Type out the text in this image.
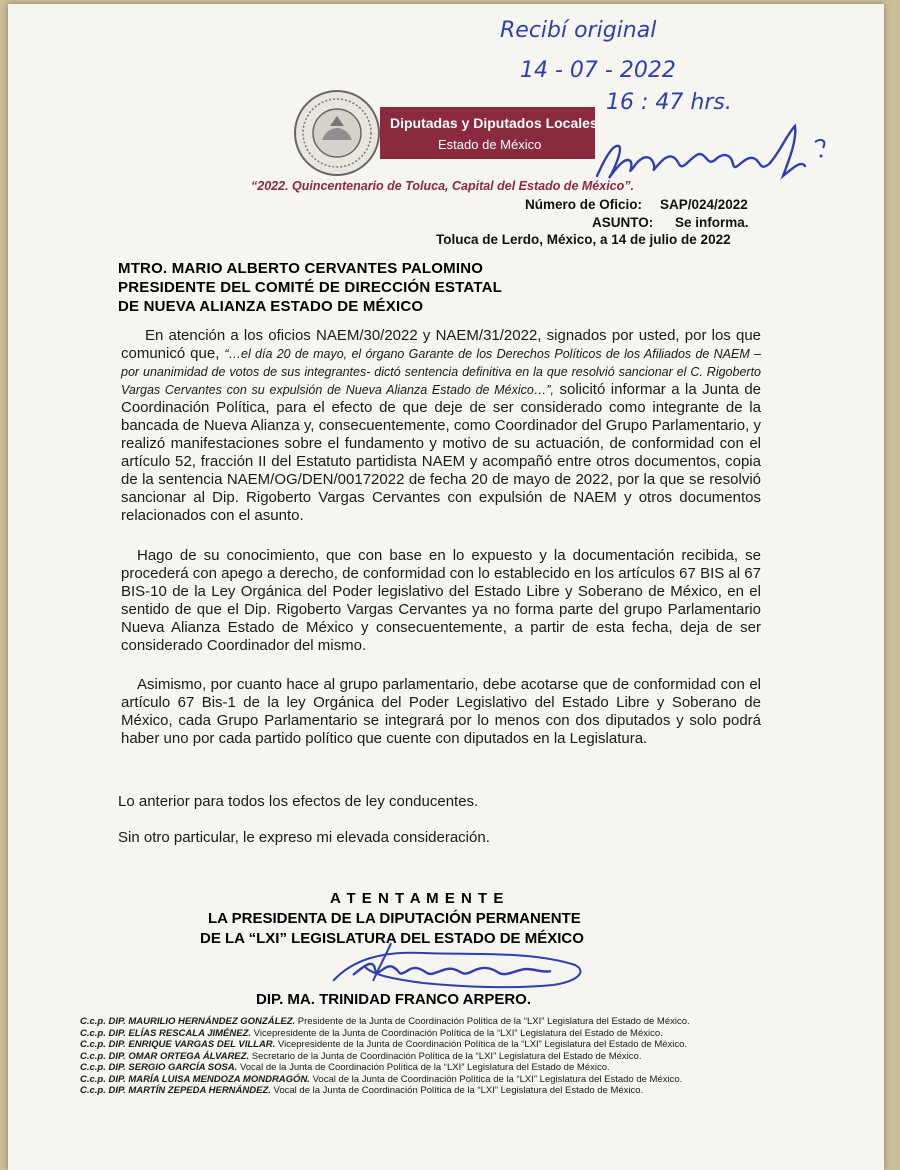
Recibí original
14 - 07 - 2022
16 : 47 hrs.
Diputadas y Diputados Locales
Estado de México
“2022. Quincentenario de Toluca, Capital del Estado de México”.
Número de Oficio: SAP/024/2022
ASUNTO: Se informa.
Toluca de Lerdo, México, a 14 de julio de 2022
MTRO. MARIO ALBERTO CERVANTES PALOMINO
PRESIDENTE DEL COMITÉ DE DIRECCIÓN ESTATAL
DE NUEVA ALIANZA ESTADO DE MÉXICO
En atención a los oficios NAEM/30/2022 y NAEM/31/2022, signados por usted, por los que comunicó que, “…el día 20 de mayo, el órgano Garante de los Derechos Políticos de los Afiliados de NAEM –por unanimidad de votos de sus integrantes- dictó sentencia definitiva en la que resolvió sancionar el C. Rigoberto Vargas Cervantes con su expulsión de Nueva Alianza Estado de México…”, solicitó informar a la Junta de Coordinación Política, para el efecto de que deje de ser considerado como integrante de la bancada de Nueva Alianza y, consecuentemente, como Coordinador del Grupo Parlamentario, y realizó manifestaciones sobre el fundamento y motivo de su actuación, de conformidad con el artículo 52, fracción II del Estatuto partidista NAEM y acompañó entre otros documentos, copia de la sentencia NAEM/OG/DEN/00172022 de fecha 20 de mayo de 2022, por la que se resolvió sancionar al Dip. Rigoberto Vargas Cervantes con expulsión de NAEM y otros documentos relacionados con el asunto.
Hago de su conocimiento, que con base en lo expuesto y la documentación recibida, se procederá con apego a derecho, de conformidad con lo establecido en los artículos 67 BIS al 67 BIS-10 de la Ley Orgánica del Poder legislativo del Estado Libre y Soberano de México, en el sentido de que el Dip. Rigoberto Vargas Cervantes ya no forma parte del grupo Parlamentario Nueva Alianza Estado de México y consecuentemente, a partir de esta fecha, deja de ser considerado Coordinador del mismo.
Asimismo, por cuanto hace al grupo parlamentario, debe acotarse que de conformidad con el artículo 67 Bis-1 de la ley Orgánica del Poder Legislativo del Estado Libre y Soberano de México, cada Grupo Parlamentario se integrará por lo menos con dos diputados y solo podrá haber uno por cada partido político que cuente con diputados en la Legislatura.
Lo anterior para todos los efectos de ley conducentes.
Sin otro particular, le expreso mi elevada consideración.
A T E N T A M E N T E
LA PRESIDENTA DE LA DIPUTACIÓN PERMANENTE
DE LA “LXI” LEGISLATURA DEL ESTADO DE MÉXICO
DIP. MA. TRINIDAD FRANCO ARPERO.
C.c.p. DIP. MAURILIO HERNÁNDEZ GONZÁLEZ. Presidente de la Junta de Coordinación Política de la “LXI” Legislatura del Estado de México.
C.c.p. DIP. ELÍAS RESCALA JIMÉNEZ. Vicepresidente de la Junta de Coordinación Política de la “LXI” Legislatura del Estado de México.
C.c.p. DIP. ENRIQUE VARGAS DEL VILLAR. Vicepresidente de la Junta de Coordinación Política de la “LXI” Legislatura del Estado de México.
C.c.p. DIP. OMAR ORTEGA ÁLVAREZ. Secretario de la Junta de Coordinación Política de la “LXI” Legislatura del Estado de México.
C.c.p. DIP. SERGIO GARCÍA SOSA. Vocal de la Junta de Coordinación Política de la “LXI” Legislatura del Estado de México.
C.c.p. DIP. MARÍA LUISA MENDOZA MONDRAGÓN. Vocal de la Junta de Coordinación Política de la “LXI” Legislatura del Estado de México.
C.c.p. DIP. MARTÍN ZEPEDA HERNÁNDEZ. Vocal de la Junta de Coordinación Política de la “LXI” Legislatura del Estado de México.
